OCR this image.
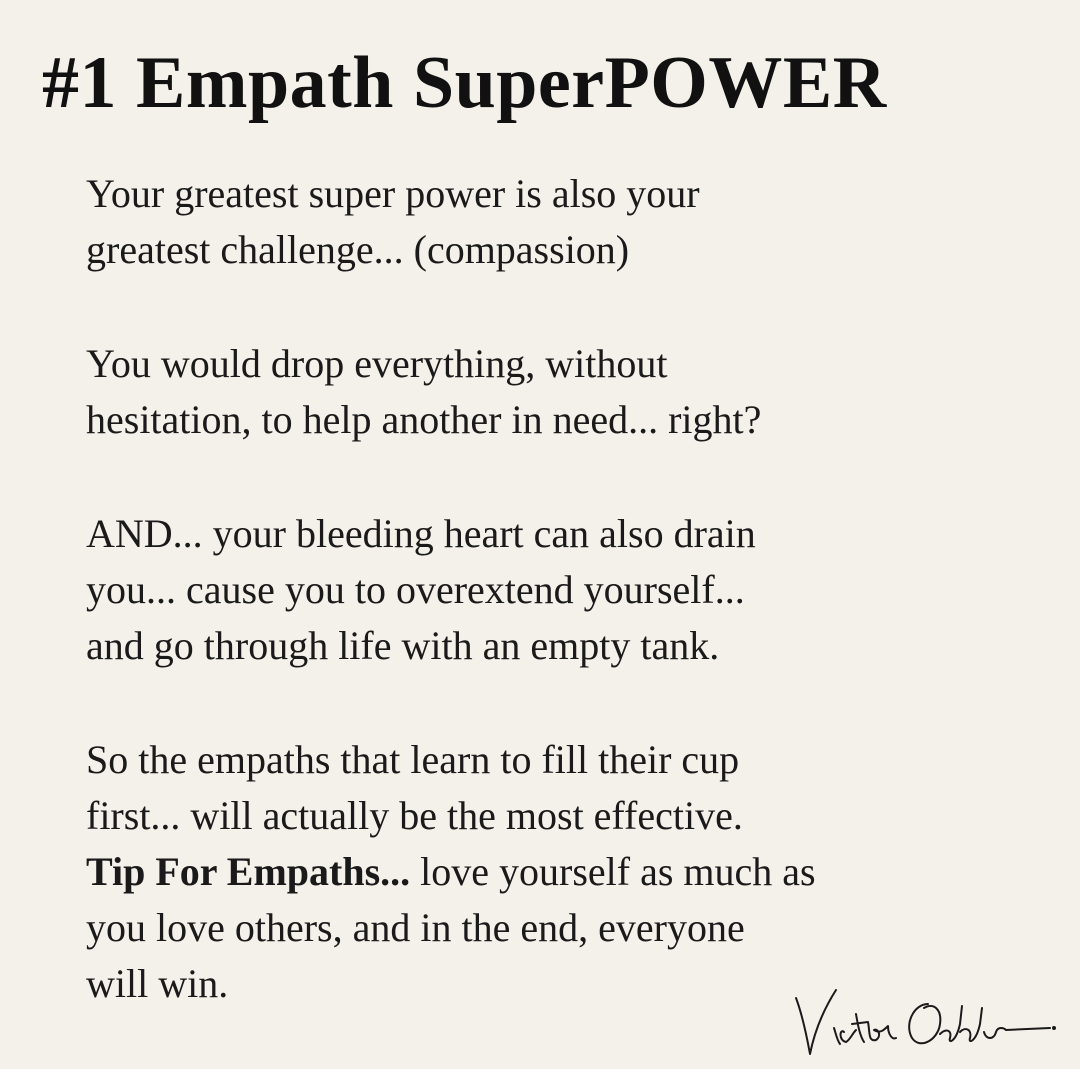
#1 Empath SuperPOWER

Your greatest super power is also your
greatest challenge... (compassion)

You would drop everything, without
hesitation, to help another in need... right?

AND... your bleeding heart can also drain
you... cause you to overextend yourself...
and go through life with an empty tank.

So the empaths that learn to fill their cup
first... will actually be the most effective.
Tip For Empaths... love yourself as much as
you love others, and in the end, everyone
will win.
